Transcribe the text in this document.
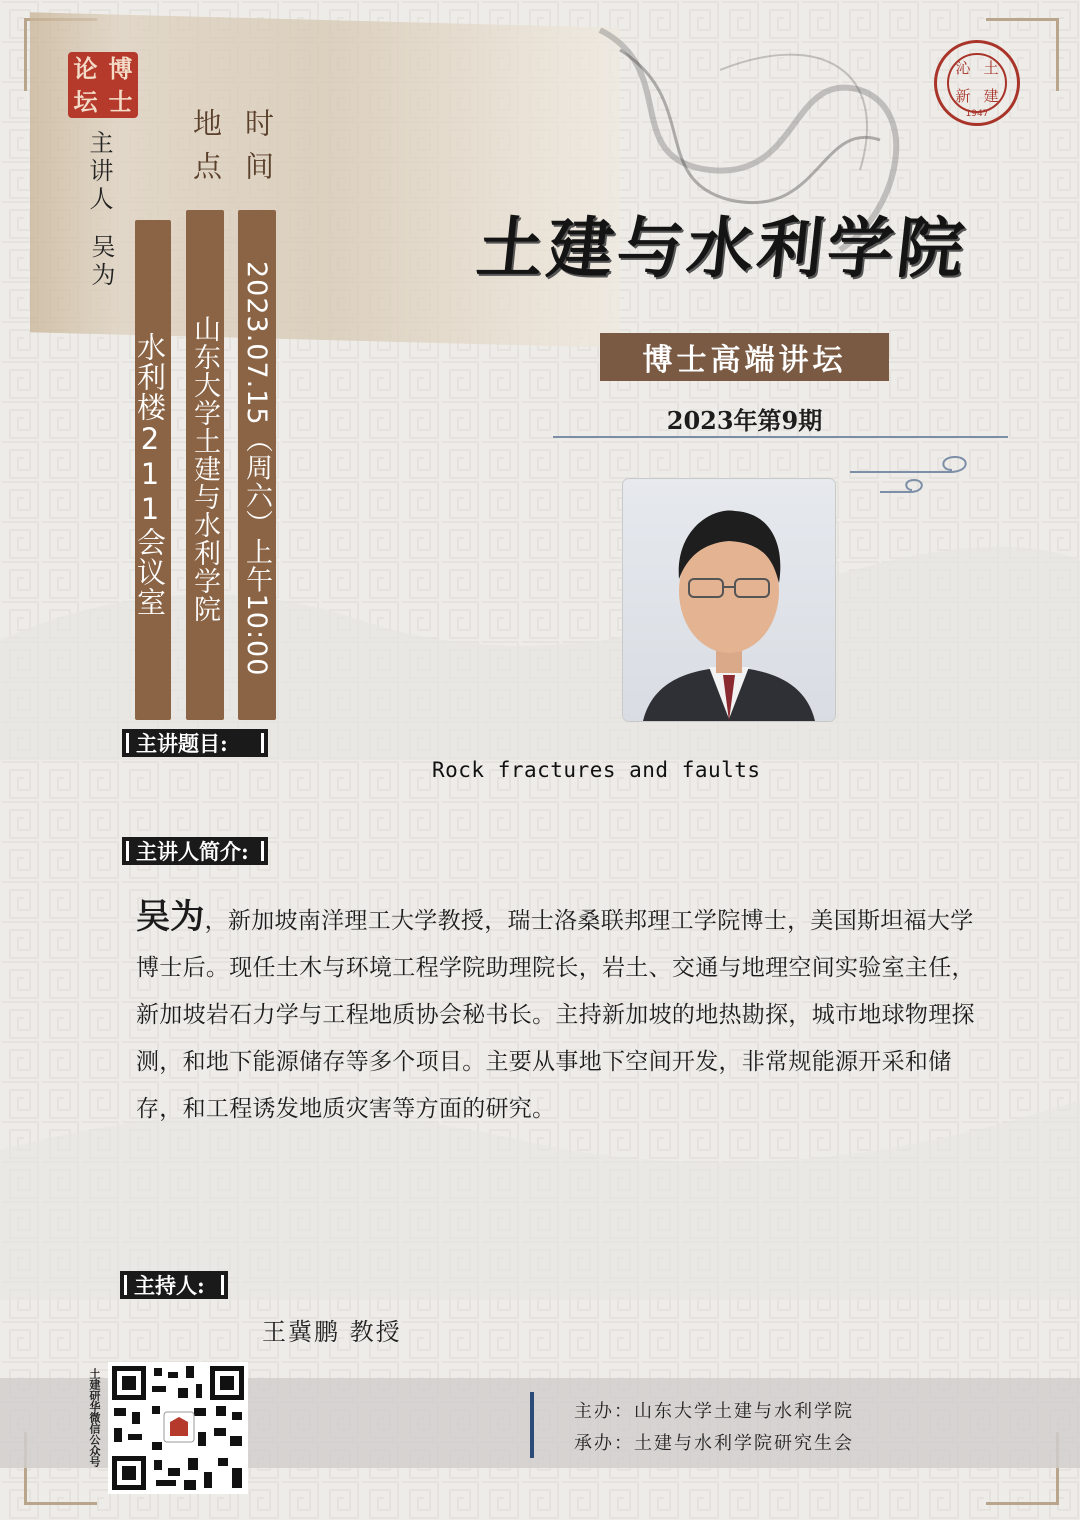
论 博
坛 士
沁 土
新 建
1947
主讲人
吴为
水利楼211会议室
地点
山东大学土建与水利学院
时间
2023.07.15（周六）上午10:00
土建与水利学院
博士高端讲坛
2023年第9期
主讲题目:
Rock fractures and faults
主讲人简介:
吴为，新加坡南洋理工大学教授，瑞士洛桑联邦理工学院博士，美国斯坦福大学博士后。现任土木与环境工程学院助理院长，岩土、交通与地理空间实验室主任，新加坡岩石力学与工程地质协会秘书长。主持新加坡的地热勘探，城市地球物理探测，和地下能源储存等多个项目。主要从事地下空间开发，非常规能源开采和储存，和工程诱发地质灾害等方面的研究。
主持人:
王冀鹏 教授
主办：山东大学土建与水利学院
承办：土建与水利学院研究生会
土建研华微信公众号
